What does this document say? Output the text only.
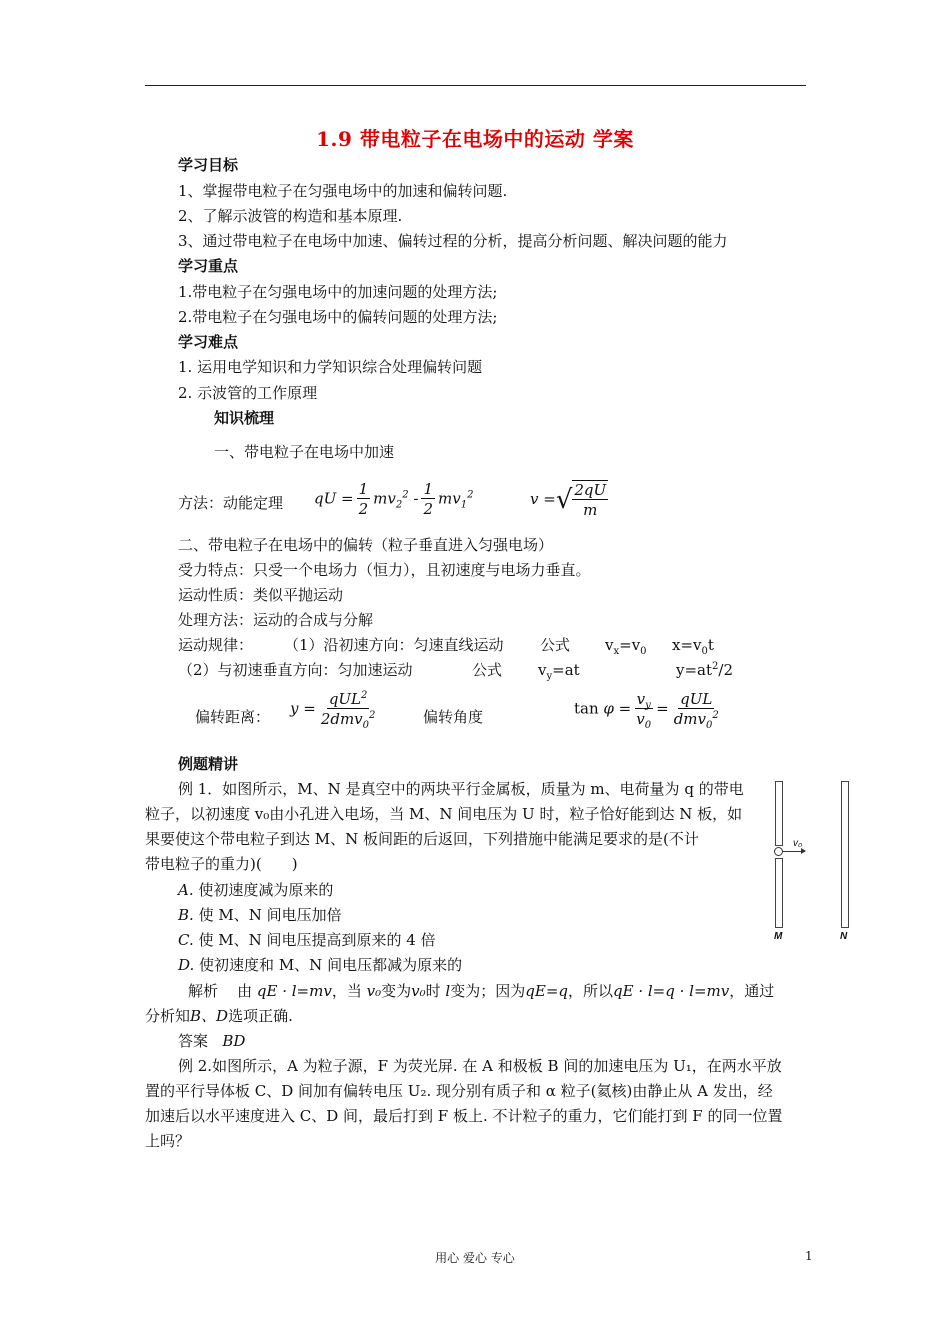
1.9 带电粒子在电场中的运动 学案
学习目标
1、掌握带电粒子在匀强电场中的加速和偏转问题.
2、了解示波管的构造和基本原理.
3、通过带电粒子在电场中加速、偏转过程的分析，提高分析问题、解决问题的能力
学习重点
1.带电粒子在匀强电场中的加速问题的处理方法;
2.带电粒子在匀强电场中的偏转问题的处理方法;
学习难点
1. 运用电学知识和力学知识综合处理偏转问题
2. 示波管的工作原理
知识梳理
一、带电粒子在电场中加速
方法：动能定理 qU = $\frac{1}{2} mv_2^2 - \frac{1}{2} mv_1^2$	v =√ $\frac{2qU}{m}$
二、带电粒子在电场中的偏转（粒子垂直进入匀强电场）
受力特点：只受一个电场力（恒力），且初速度与电场力垂直。
运动性质：类似平抛运动
处理方法：运动的合成与分解
运动规律： （1）沿初速方向：匀速直线运动 公式 $v_x=v_0$ $x=v_0t$
（2）与初速垂直方向：匀加速运动	公式 $v_y=at$	$y=at^2/2$
偏转距离： $y = \frac{qUL^2}{2dmv_0^2}$	偏转角度	$\tan \varphi = \frac{v_y}{v_0} = \frac{\text{qUL}}{dmv_0^2}$
例题精讲
例 1．如图所示，M、N 是真空中的两块平行金属板，质量为 m、电荷量为 q 的带电
粒子，以初速度 v₀由小孔进入电场，当 M、N 间电压为 U 时，粒子恰好能到达 N 板，如
果要使这个带电粒子到达 M、N 板间距的后返回，下列措施中能满足要求的是(不计
带电粒子的重力)(　　)
A. 使初速度减为原来的
B. 使 M、N 间电压加倍
C. 使 M、N 间电压提高到原来的 4 倍
D. 使初速度和 M、N 间电压都减为原来的
解析 由 qE · l=mv，当 v₀变为v₀时 l变为；因为qE=q，所以qE · l=q · l=mv，通过
分析知B、D选项正确.
答案 BD
例 2.如图所示，A 为粒子源，F 为荧光屏. 在 A 和极板 B 间的加速电压为 U₁，在两水平放
置的平行导体板 C、D 间加有偏转电压 U₂. 现分别有质子和 α 粒子(氦核)由静止从 A 发出，经
加速后以水平速度进入 C、D 间，最后打到 F 板上. 不计粒子的重力，它们能打到 F 的同一位置
上吗？
v₀
M	N
用心 爱心 专心	1
